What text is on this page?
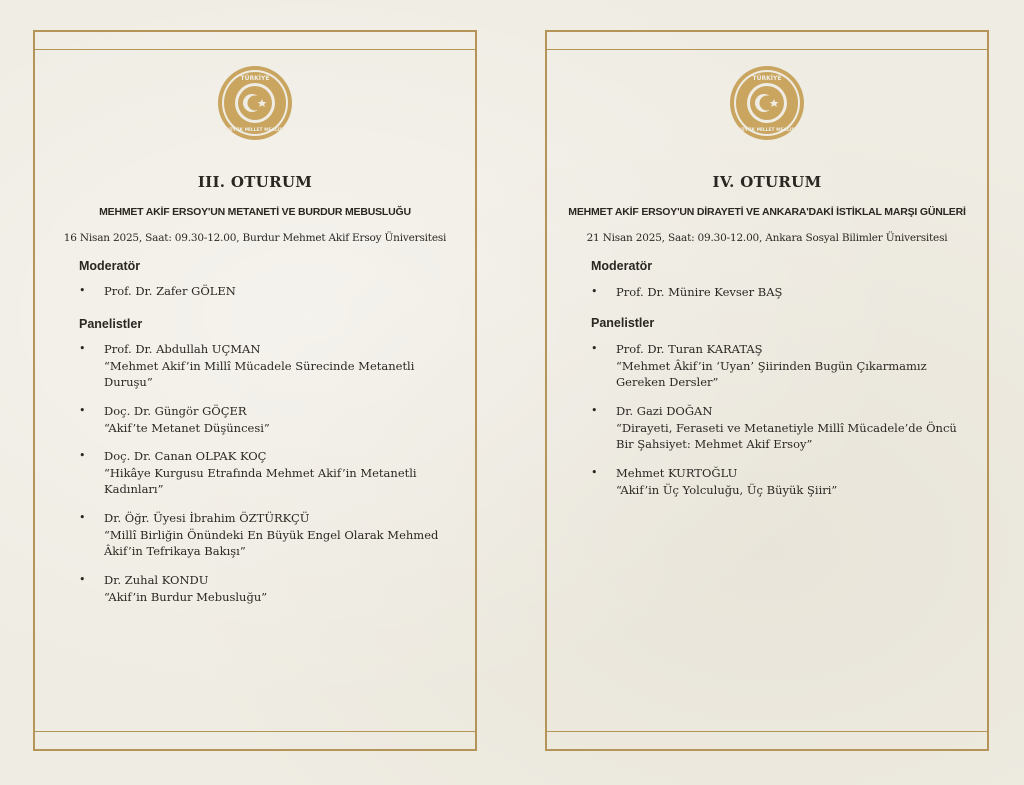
TÜRKİYE
BÜYÜK MİLLET MECLİSİ
III. OTURUM
MEHMET AKİF ERSOY'UN METANETİ VE BURDUR MEBUSLUĞU
16 Nisan 2025, Saat: 09.30-12.00, Burdur Mehmet Akif Ersoy Üniversitesi
Moderatör
• Prof. Dr. Zafer GÖLEN
Panelistler
• Prof. Dr. Abdullah UÇMAN
“Mehmet Akif’in Millî Mücadele Sürecinde Metanetli Duruşu”
• Doç. Dr. Güngör GÖÇER
“Akif’te Metanet Düşüncesi”
• Doç. Dr. Canan OLPAK KOÇ
“Hikâye Kurgusu Etrafında Mehmet Akif’in Metanetli Kadınları”
• Dr. Öğr. Üyesi İbrahim ÖZTÜRKÇÜ
“Millî Birliğin Önündeki En Büyük Engel Olarak Mehmed Âkif’in Tefrikaya Bakışı”
• Dr. Zuhal KONDU
“Akif’in Burdur Mebusluğu”
TÜRKİYE
BÜYÜK MİLLET MECLİSİ
IV. OTURUM
MEHMET AKİF ERSOY'UN DİRAYETİ VE ANKARA'DAKİ İSTİKLAL MARŞI GÜNLERİ
21 Nisan 2025, Saat: 09.30-12.00, Ankara Sosyal Bilimler Üniversitesi
Moderatör
• Prof. Dr. Münire Kevser BAŞ
Panelistler
• Prof. Dr. Turan KARATAŞ
“Mehmet Âkif’in ‘Uyan’ Şiirinden Bugün Çıkarmamız Gereken Dersler”
• Dr. Gazi DOĞAN
“Dirayeti, Feraseti ve Metanetiyle Millî Mücadele’de Öncü Bir Şahsiyet: Mehmet Akif Ersoy”
• Mehmet KURTOĞLU
“Akif’in Üç Yolculuğu, Üç Büyük Şiiri”
